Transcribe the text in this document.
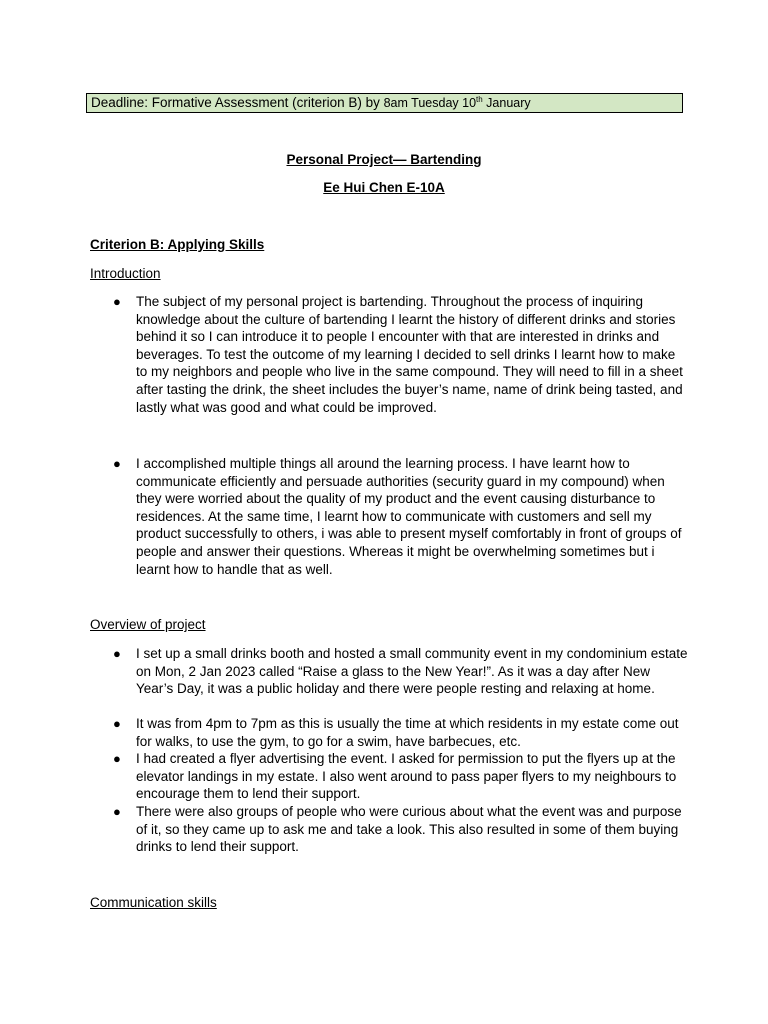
Deadline: Formative Assessment (criterion B) by 8am Tuesday 10th January
Personal Project— Bartending
Ee Hui Chen E-10A
Criterion B: Applying Skills
Introduction
● The subject of my personal project is bartending. Throughout the process of inquiring knowledge about the culture of bartending I learnt the history of different drinks and stories behind it so I can introduce it to people I encounter with that are interested in drinks and beverages. To test the outcome of my learning I decided to sell drinks I learnt how to make to my neighbors and people who live in the same compound. They will need to fill in a sheet after tasting the drink, the sheet includes the buyer’s name, name of drink being tasted, and lastly what was good and what could be improved.
● I accomplished multiple things all around the learning process. I have learnt how to communicate efficiently and persuade authorities (security guard in my compound) when they were worried about the quality of my product and the event causing disturbance to residences. At the same time, I learnt how to communicate with customers and sell my product successfully to others, i was able to present myself comfortably in front of groups of people and answer their questions. Whereas it might be overwhelming sometimes but i learnt how to handle that as well.
Overview of project
● I set up a small drinks booth and hosted a small community event in my condominium estate on Mon, 2 Jan 2023 called “Raise a glass to the New Year!”. As it was a day after New Year’s Day, it was a public holiday and there were people resting and relaxing at home.
● It was from 4pm to 7pm as this is usually the time at which residents in my estate come out for walks, to use the gym, to go for a swim, have barbecues, etc.
● I had created a flyer advertising the event. I asked for permission to put the flyers up at the elevator landings in my estate. I also went around to pass paper flyers to my neighbours to encourage them to lend their support.
● There were also groups of people who were curious about what the event was and purpose of it, so they came up to ask me and take a look. This also resulted in some of them buying drinks to lend their support.
Communication skills
